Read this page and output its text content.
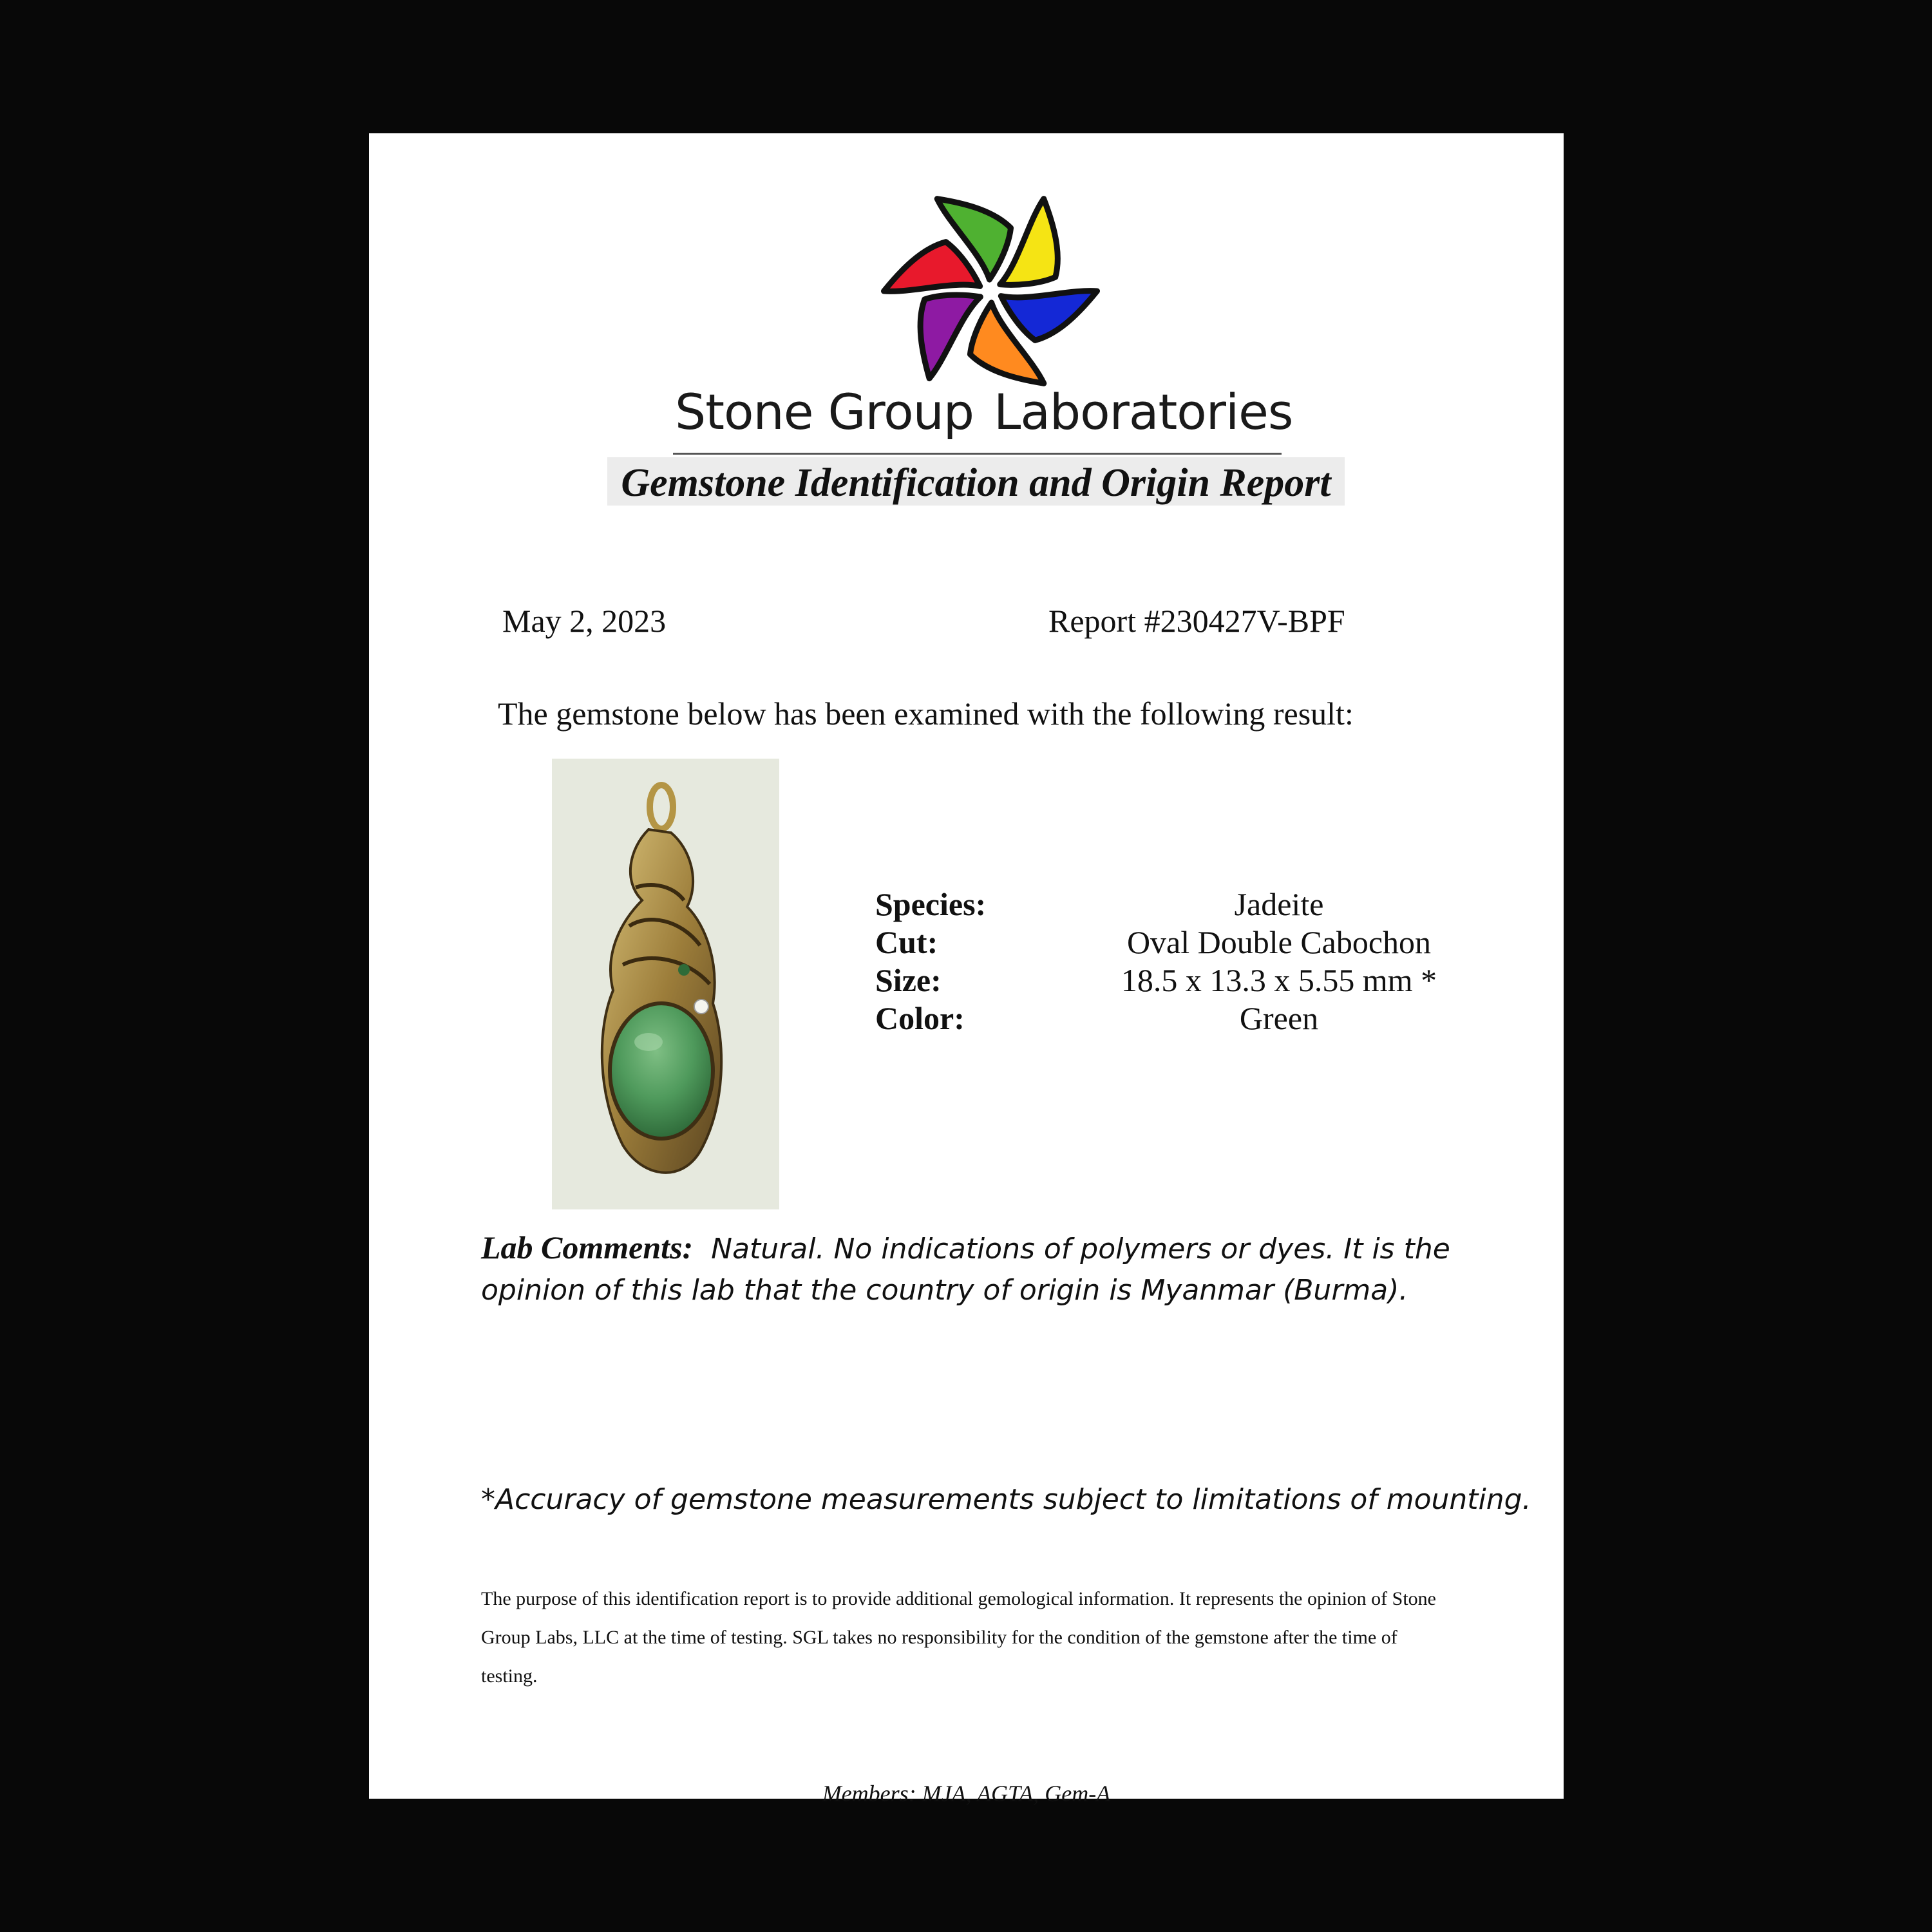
Stone Group Laboratories
Gemstone Identification and Origin Report
May 2, 2023	Report #230427V-BPF
The gemstone below has been examined with the following result:
Species:	Jadeite
Cut:	Oval Double Cabochon
Size:	18.5 x 13.3 x 5.55 mm *
Color:	Green
Lab Comments: Natural. No indications of polymers or dyes. It is the opinion of this lab that the country of origin is Myanmar (Burma).
*Accuracy of gemstone measurements subject to limitations of mounting.
The purpose of this identification report is to provide additional gemological information. It represents the opinion of Stone Group Labs, LLC at the time of testing. SGL takes no responsibility for the condition of the gemstone after the time of testing.
Members: MJA, AGTA, Gem-A
